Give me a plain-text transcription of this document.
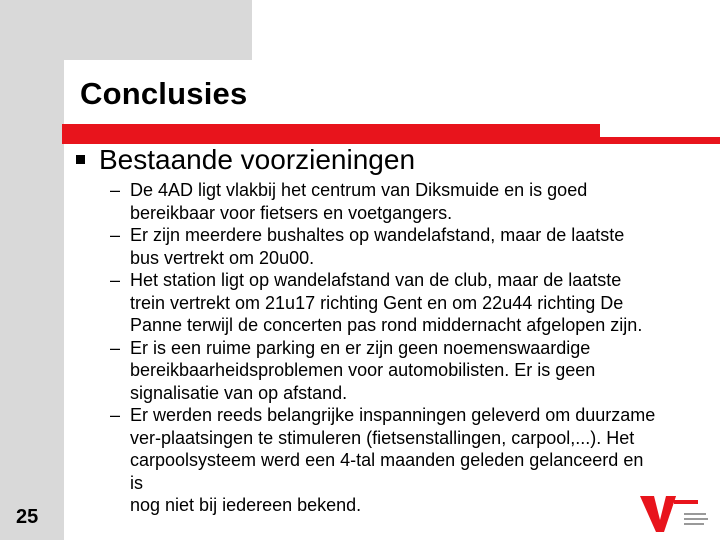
Conclusies
Bestaande voorzieningen
– De 4AD ligt vlakbij het centrum van Diksmuide en is goed
bereikbaar voor fietsers en voetgangers.
– Er zijn meerdere bushaltes op wandelafstand, maar de laatste
bus vertrekt om 20u00.
– Het station ligt op wandelafstand van de club, maar de laatste
trein vertrekt om 21u17 richting Gent en om 22u44 richting De
Panne terwijl de concerten pas rond middernacht afgelopen zijn.
– Er is een ruime parking en er zijn geen noemenswaardige
bereikbaarheidsproblemen voor automobilisten. Er is geen
signalisatie van op afstand.
– Er werden reeds belangrijke inspanningen geleverd om duurzame
ver-plaatsingen te stimuleren (fietsenstallingen, carpool,...). Het
carpoolsysteem werd een 4-tal maanden geleden gelanceerd en
is
nog niet bij iedereen bekend.
25
